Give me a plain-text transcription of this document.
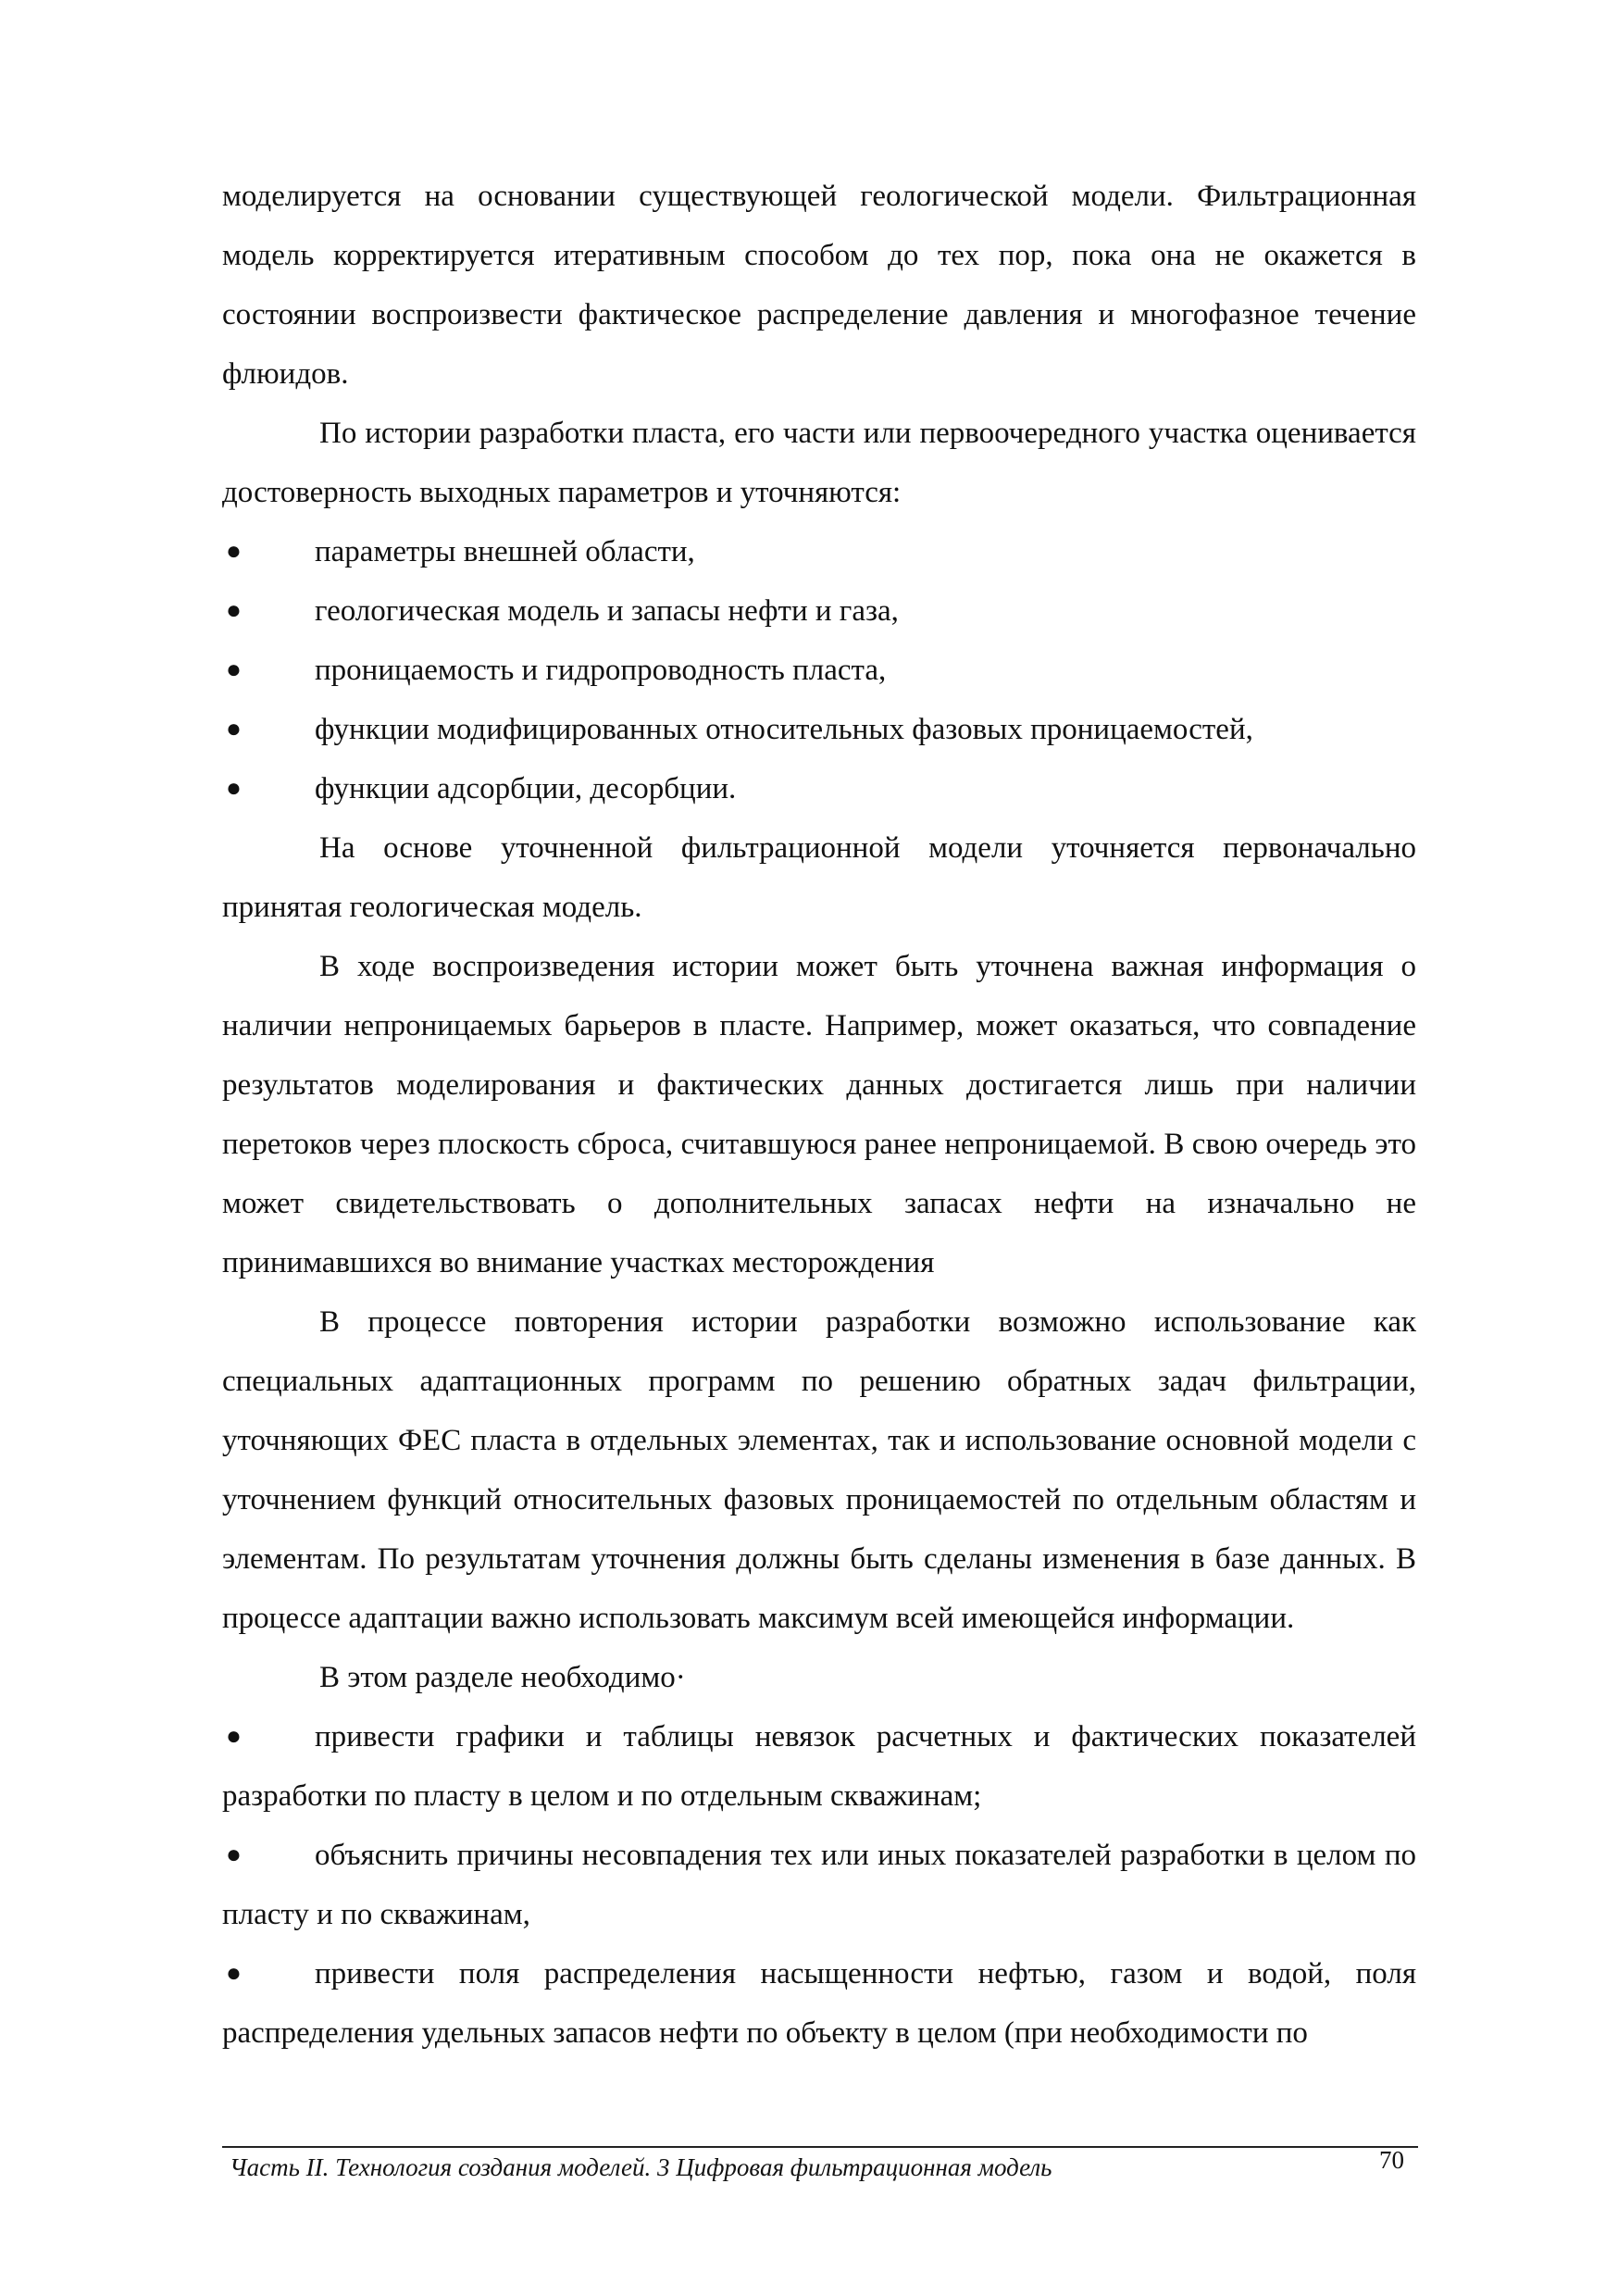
моделируется на основании существующей геологической модели. Фильтрационная модель корректируется итеративным способом до тех пор, пока она не окажется в состоянии воспроизвести фактическое распределение давления и многофазное течение флюидов.

По истории разработки пласта, его части или первоочередного участка оценивается достоверность выходных параметров и уточняются:

● параметры внешней области,

● геологическая модель и запасы нефти и газа,

● проницаемость и гидропроводность пласта,

● функции модифицированных относительных фазовых проницаемостей,

● функции адсорбции, десорбции.

На основе уточненной фильтрационной модели уточняется первоначально принятая геологическая модель.

В ходе воспроизведения истории может быть уточнена важная информация о наличии непроницаемых барьеров в пласте. Например, может оказаться, что совпадение результатов моделирования и фактических данных достигается лишь при наличии перетоков через плоскость сброса, считавшуюся ранее непроницаемой. В свою очередь это может свидетельствовать о дополнительных запасах нефти на изначально не принимавшихся во внимание участках месторождения

В процессе повторения истории разработки возможно использование как специальных адаптационных программ по решению обратных задач фильтрации, уточняющих ФЕС пласта в отдельных элементах, так и использование основной модели с уточнением функций относительных фазовых проницаемостей по отдельным областям и элементам. По результатам уточнения должны быть сделаны изменения в базе данных. В процессе адаптации важно использовать максимум всей имеющейся информации.

В этом разделе необходимо·

● привести графики и таблицы невязок расчетных и фактических показателей разработки по пласту в целом и по отдельным скважинам;

● объяснить причины несовпадения тех или иных показателей разработки в целом по пласту и по скважинам,

● привести поля распределения насыщенности нефтью, газом и водой, поля распределения удельных запасов нефти по объекту в целом (при необходимости по

Часть II. Технология создания моделей. 3 Цифровая фильтрационная модель	70
